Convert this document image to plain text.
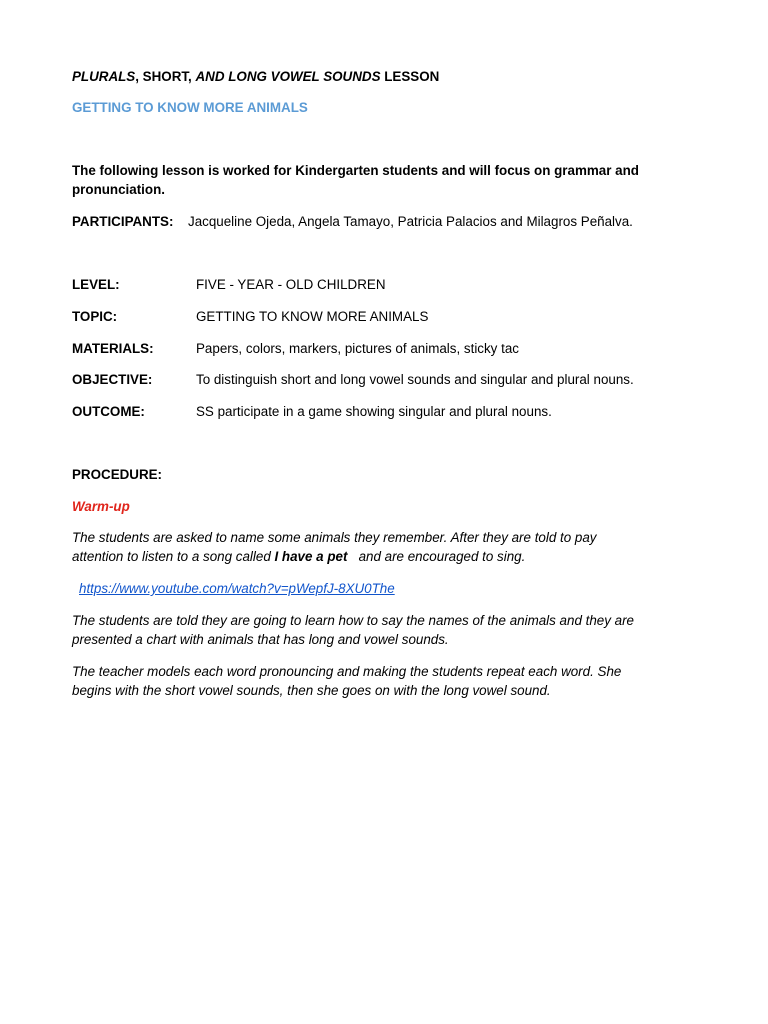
PLURALS, SHORT, AND LONG VOWEL SOUNDS LESSON
GETTING TO KNOW MORE ANIMALS
The following lesson is worked for Kindergarten students and will focus on grammar and
pronunciation.
PARTICIPANTS: Jacqueline Ojeda, Angela Tamayo, Patricia Palacios and Milagros Peñalva.
LEVEL:	FIVE - YEAR - OLD CHILDREN
TOPIC:	GETTING TO KNOW MORE ANIMALS
MATERIALS:	Papers, colors, markers, pictures of animals, sticky tac
OBJECTIVE:	To distinguish short and long vowel sounds and singular and plural nouns.
OUTCOME:	SS participate in a game showing singular and plural nouns.
PROCEDURE:
Warm-up
The students are asked to name some animals they remember. After they are told to pay
attention to listen to a song called I have a pet   and are encouraged to sing.
https://www.youtube.com/watch?v=pWepfJ-8XU0The
The students are told they are going to learn how to say the names of the animals and they are
presented a chart with animals that has long and vowel sounds.
The teacher models each word pronouncing and making the students repeat each word. She
begins with the short vowel sounds, then she goes on with the long vowel sound.
